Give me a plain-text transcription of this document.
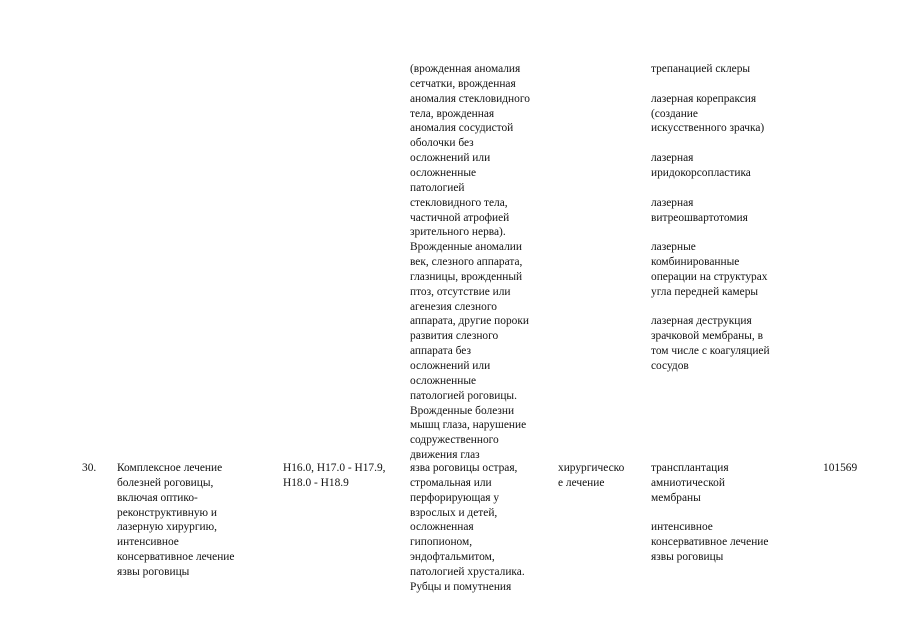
30. Комплексное лечение
болезней роговицы,
включая оптико-
реконструктивную и
лазерную хирургию,
интенсивное
консервативное лечение
язвы роговицы
H16.0, H17.0 - H17.9,
H18.0 - H18.9
(врожденная аномалия
сетчатки, врожденная
аномалия стекловидного
тела, врожденная
аномалия сосудистой
оболочки без
осложнений или
осложненные
патологией
стекловидного тела,
частичной атрофией
зрительного нерва).
Врожденные аномалии
век, слезного аппарата,
глазницы, врожденный
птоз, отсутствие или
агенезия слезного
аппарата, другие пороки
развития слезного
аппарата без
осложнений или
осложненные
патологией роговицы.
Врожденные болезни
мышц глаза, нарушение
содружественного
движения глаз
язва роговицы острая,
стромальная или
перфорирующая у
взрослых и детей,
осложненная
гипопионом,
эндофтальмитом,
патологией хрусталика.
Рубцы и помутнения
хирургическо
е лечение
трепанацией склеры
лазерная корепраксия
(создание
искусственного зрачка)
лазерная
иридокорсопластика
лазерная
витреошвартотомия
лазерные
комбинированные
операции на структурах
угла передней камеры
лазерная деструкция
зрачковой мембраны, в
том числе с коагуляцией
сосудов
трансплантация
амниотической
мембраны
интенсивное
консервативное лечение
язвы роговицы
101569
